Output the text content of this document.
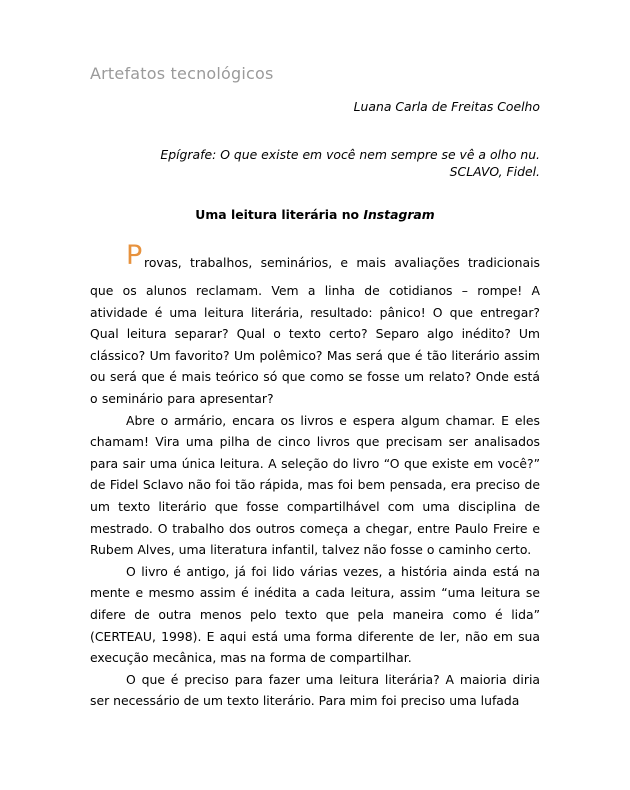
Artefatos tecnológicos
Luana Carla de Freitas Coelho
Epígrafe: O que existe em você nem sempre se vê a olho nu.
SCLAVO, Fidel.
Uma leitura literária no Instagram
P rovas, trabalhos, seminários, e mais avaliações tradicionais

que os alunos reclamam. Vem a linha de cotidianos – rompe! A atividade é uma leitura literária, resultado: pânico! O que entregar? Qual leitura separar? Qual o texto certo? Separo algo inédito? Um clássico? Um favorito? Um polêmico? Mas será que é tão literário assim ou será que é mais teórico só que como se fosse um relato? Onde está o seminário para apresentar?

Abre o armário, encara os livros e espera algum chamar. E eles chamam! Vira uma pilha de cinco livros que precisam ser analisados para sair uma única leitura. A seleção do livro “O que existe em você?” de Fidel Sclavo não foi tão rápida, mas foi bem pensada, era preciso de um texto literário que fosse compartilhável com uma disciplina de mestrado. O trabalho dos outros começa a chegar, entre Paulo Freire e Rubem Alves, uma literatura infantil, talvez não fosse o caminho certo.

O livro é antigo, já foi lido várias vezes, a história ainda está na mente e mesmo assim é inédita a cada leitura, assim “uma leitura se difere de outra menos pelo texto que pela maneira como é lida” (CERTEAU, 1998). E aqui está uma forma diferente de ler, não em sua execução mecânica, mas na forma de compartilhar.

O que é preciso para fazer uma leitura literária? A maioria diria ser necessário de um texto literário. Para mim foi preciso uma lufada
